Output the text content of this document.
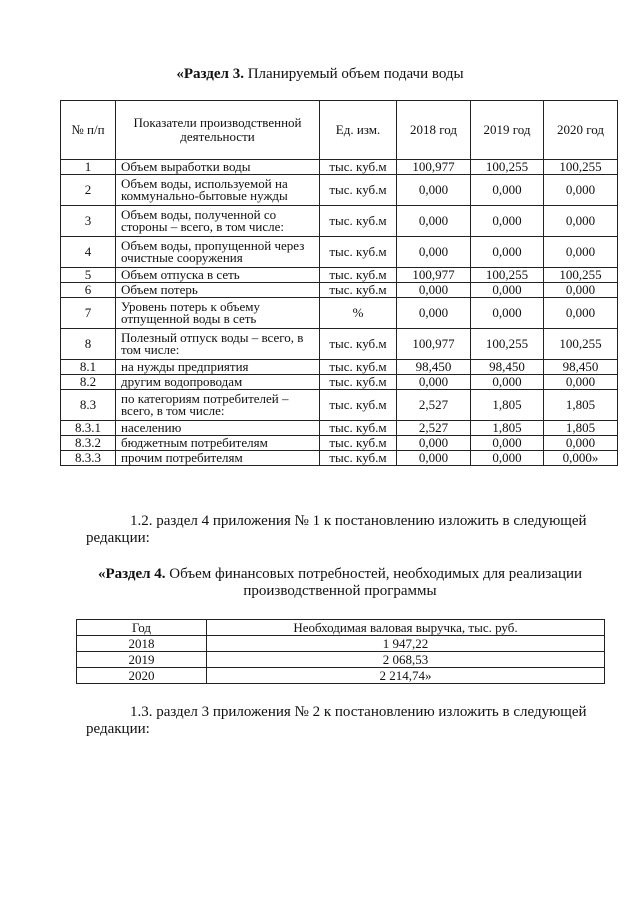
«Раздел 3. Планируемый объем подачи воды
№ п/п	Показатели производственной деятельности	Ед. изм.	2018 год	2019 год	2020 год
1	Объем выработки воды	тыс. куб.м	100,977	100,255	100,255
2	Объем воды, используемой на коммунально-бытовые нужды	тыс. куб.м	0,000	0,000	0,000
3	Объем воды, полученной со стороны – всего, в том числе:	тыс. куб.м	0,000	0,000	0,000
4	Объем воды, пропущенной через очистные сооружения	тыс. куб.м	0,000	0,000	0,000
5	Объем отпуска в сеть	тыс. куб.м	100,977	100,255	100,255
6	Объем потерь	тыс. куб.м	0,000	0,000	0,000
7	Уровень потерь к объему отпущенной воды в сеть	%	0,000	0,000	0,000
8	Полезный отпуск воды – всего, в том числе:	тыс. куб.м	100,977	100,255	100,255
8.1	на нужды предприятия	тыс. куб.м	98,450	98,450	98,450
8.2	другим водопроводам	тыс. куб.м	0,000	0,000	0,000
8.3	по категориям потребителей – всего, в том числе:	тыс. куб.м	2,527	1,805	1,805
8.3.1	населению	тыс. куб.м	2,527	1,805	1,805
8.3.2	бюджетным потребителям	тыс. куб.м	0,000	0,000	0,000
8.3.3	прочим потребителям	тыс. куб.м	0,000	0,000	0,000»
1.2. раздел 4 приложения № 1 к постановлению изложить в следующей редакции:
«Раздел 4. Объем финансовых потребностей, необходимых для реализации производственной программы
Год	Необходимая валовая выручка, тыс. руб.
2018	1 947,22
2019	2 068,53
2020	2 214,74»
1.3. раздел 3 приложения № 2 к постановлению изложить в следующей редакции:
